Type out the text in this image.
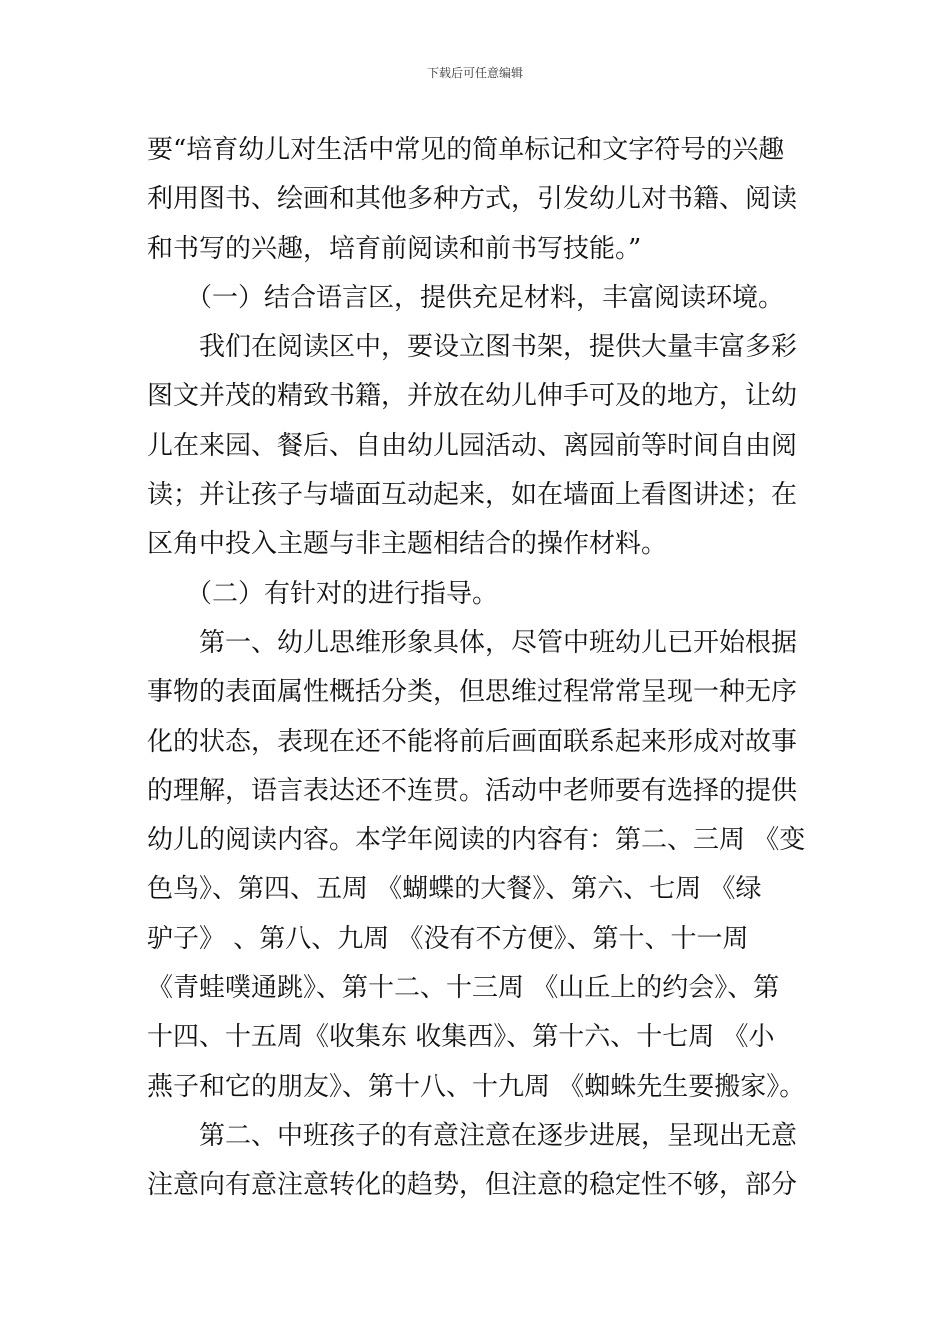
下载后可任意编辑
要“培育幼儿对生活中常见的简单标记和文字符号的兴趣
利用图书、绘画和其他多种方式，引发幼儿对书籍、阅读
和书写的兴趣，培育前阅读和前书写技能。”
　　（一）结合语言区，提供充足材料，丰富阅读环境。
　　我们在阅读区中，要设立图书架，提供大量丰富多彩
图文并茂的精致书籍，并放在幼儿伸手可及的地方，让幼
儿在来园、餐后、自由幼儿园活动、离园前等时间自由阅
读；并让孩子与墙面互动起来，如在墙面上看图讲述；在
区角中投入主题与非主题相结合的操作材料。
　　（二）有针对的进行指导。
　　第一、幼儿思维形象具体，尽管中班幼儿已开始根据
事物的表面属性概括分类，但思维过程常常呈现一种无序
化的状态，表现在还不能将前后画面联系起来形成对故事
的理解，语言表达还不连贯。活动中老师要有选择的提供
幼儿的阅读内容。本学年阅读的内容有：第二、三周 《变
色鸟》、第四、五周 《蝴蝶的大餐》、第六、七周 《绿
驴子》 、第八、九周 《没有不方便》、第十、十一周
《青蛙噗通跳》、第十二、十三周 《山丘上的约会》、第
十四、十五周《收集东 收集西》、第十六、十七周 《小
燕子和它的朋友》、第十八、十九周 《蜘蛛先生要搬家》。
　　第二、中班孩子的有意注意在逐步进展，呈现出无意
注意向有意注意转化的趋势，但注意的稳定性不够，部分
